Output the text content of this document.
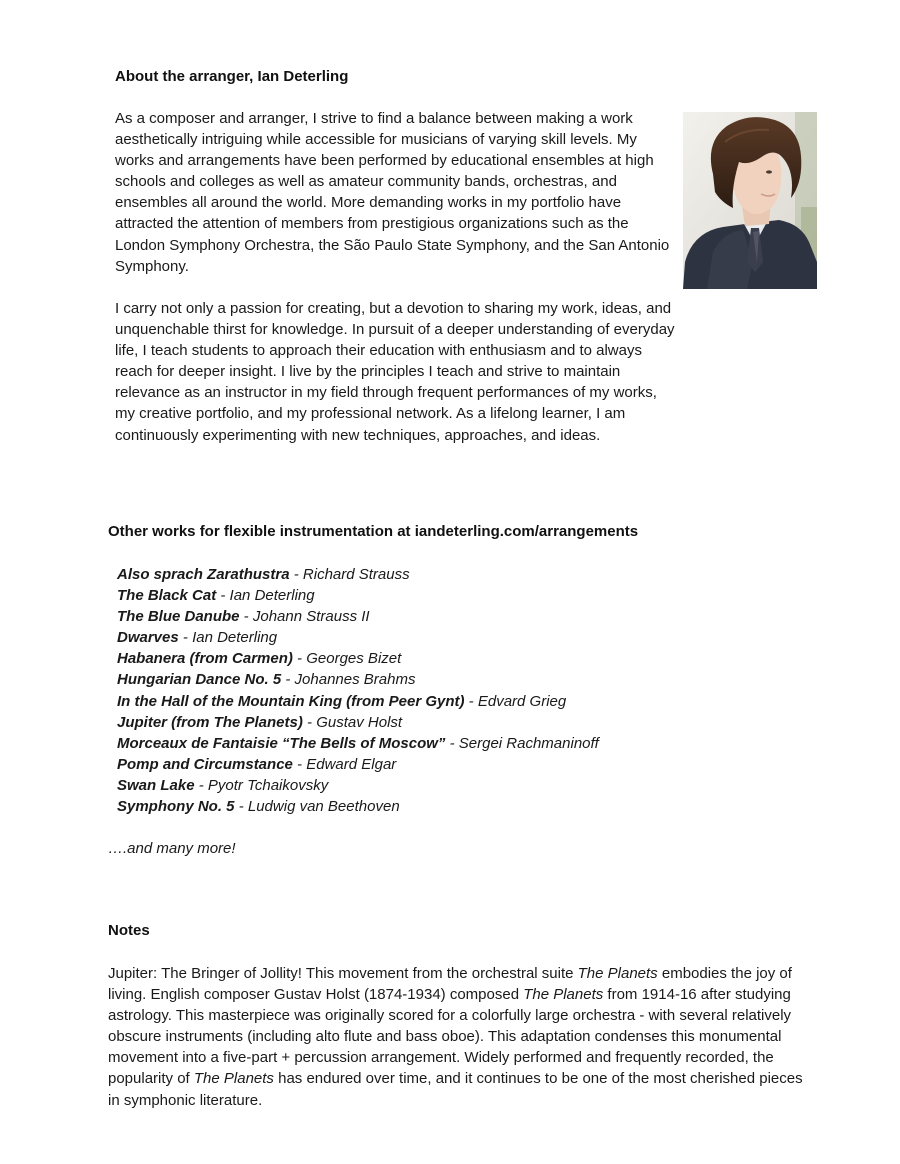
About the arranger, Ian Deterling

As a composer and arranger, I strive to find a balance between making a work aesthetically intriguing while accessible for musicians of varying skill levels. My works and arrangements have been performed by educational ensembles at high schools and colleges as well as amateur community bands, orchestras, and ensembles all around the world. More demanding works in my portfolio have attracted the attention of members from prestigious organizations such as the London Symphony Orchestra, the São Paulo State Symphony, and the San Antonio Symphony.

I carry not only a passion for creating, but a devotion to sharing my work, ideas, and unquenchable thirst for knowledge. In pursuit of a deeper understanding of everyday life, I teach students to approach their education with enthusiasm and to always reach for deeper insight. I live by the principles I teach and strive to maintain relevance as an instructor in my field through frequent performances of my works, my creative portfolio, and my professional network. As a lifelong learner, I am continuously experimenting with new techniques, approaches, and ideas.

Other works for flexible instrumentation at iandeterling.com/arrangements
Also sprach Zarathustra - Richard Strauss
The Black Cat - Ian Deterling
The Blue Danube - Johann Strauss II
Dwarves - Ian Deterling
Habanera (from Carmen) - Georges Bizet
Hungarian Dance No. 5 - Johannes Brahms
In the Hall of the Mountain King (from Peer Gynt) - Edvard Grieg
Jupiter (from The Planets) - Gustav Holst
Morceaux de Fantaisie “The Bells of Moscow” - Sergei Rachmaninoff
Pomp and Circumstance - Edward Elgar
Swan Lake - Pyotr Tchaikovsky
Symphony No. 5 - Ludwig van Beethoven

….and many more!

Notes

Jupiter: The Bringer of Jollity! This movement from the orchestral suite The Planets embodies the joy of living. English composer Gustav Holst (1874-1934) composed The Planets from 1914-16 after studying astrology. This masterpiece was originally scored for a colorfully large orchestra - with several relatively obscure instruments (including alto flute and bass oboe). This adaptation condenses this monumental movement into a five-part + percussion arrangement. Widely performed and frequently recorded, the popularity of The Planets has endured over time, and it continues to be one of the most cherished pieces in symphonic literature.
